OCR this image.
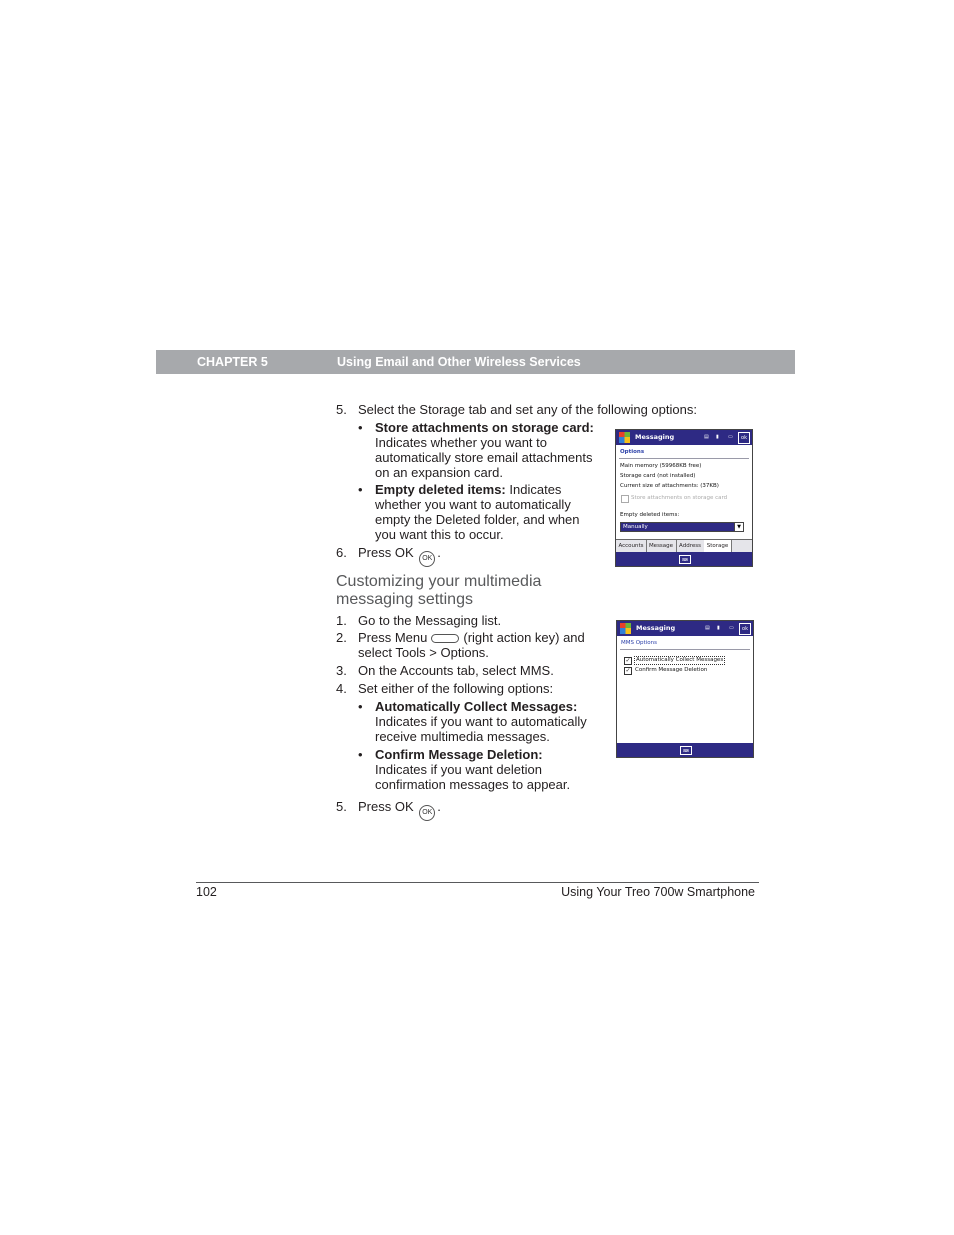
CHAPTER 5	Using Email and Other Wireless Services
5. Select the Storage tab and set any of the following options:
• Store attachments on storage card: Indicates whether you want to automatically store email attachments on an expansion card.
• Empty deleted items: Indicates whether you want to automatically empty the Deleted folder, and when you want this to occur.
6. Press OK OK .
Messaging	▤ ▮ ▭	ok
Options
Main memory (59968KB free)
Storage card (not installed)
Current size of attachments: (37KB)
Store attachments on storage card
Empty deleted items:
Manually	▼
Accounts Message	Address	Storage
⌨
Customizing your multimedia
messaging settings
1. Go to the Messaging list.
2. Press Menu	(right action key) and
select Tools > Options.
3. On the Accounts tab, select MMS.
4. Set either of the following options:
• Automatically Collect Messages:
Indicates if you want to automatically
receive multimedia messages.
• Confirm Message Deletion:
Indicates if you want deletion
confirmation messages to appear.
5. Press OK OK .
Messaging	▤ ▮ ▭	ok
MMS Options
✓ Automatically Collect Messages
✓ Confirm Message Deletion
⌨
102	Using Your Treo 700w Smartphone
